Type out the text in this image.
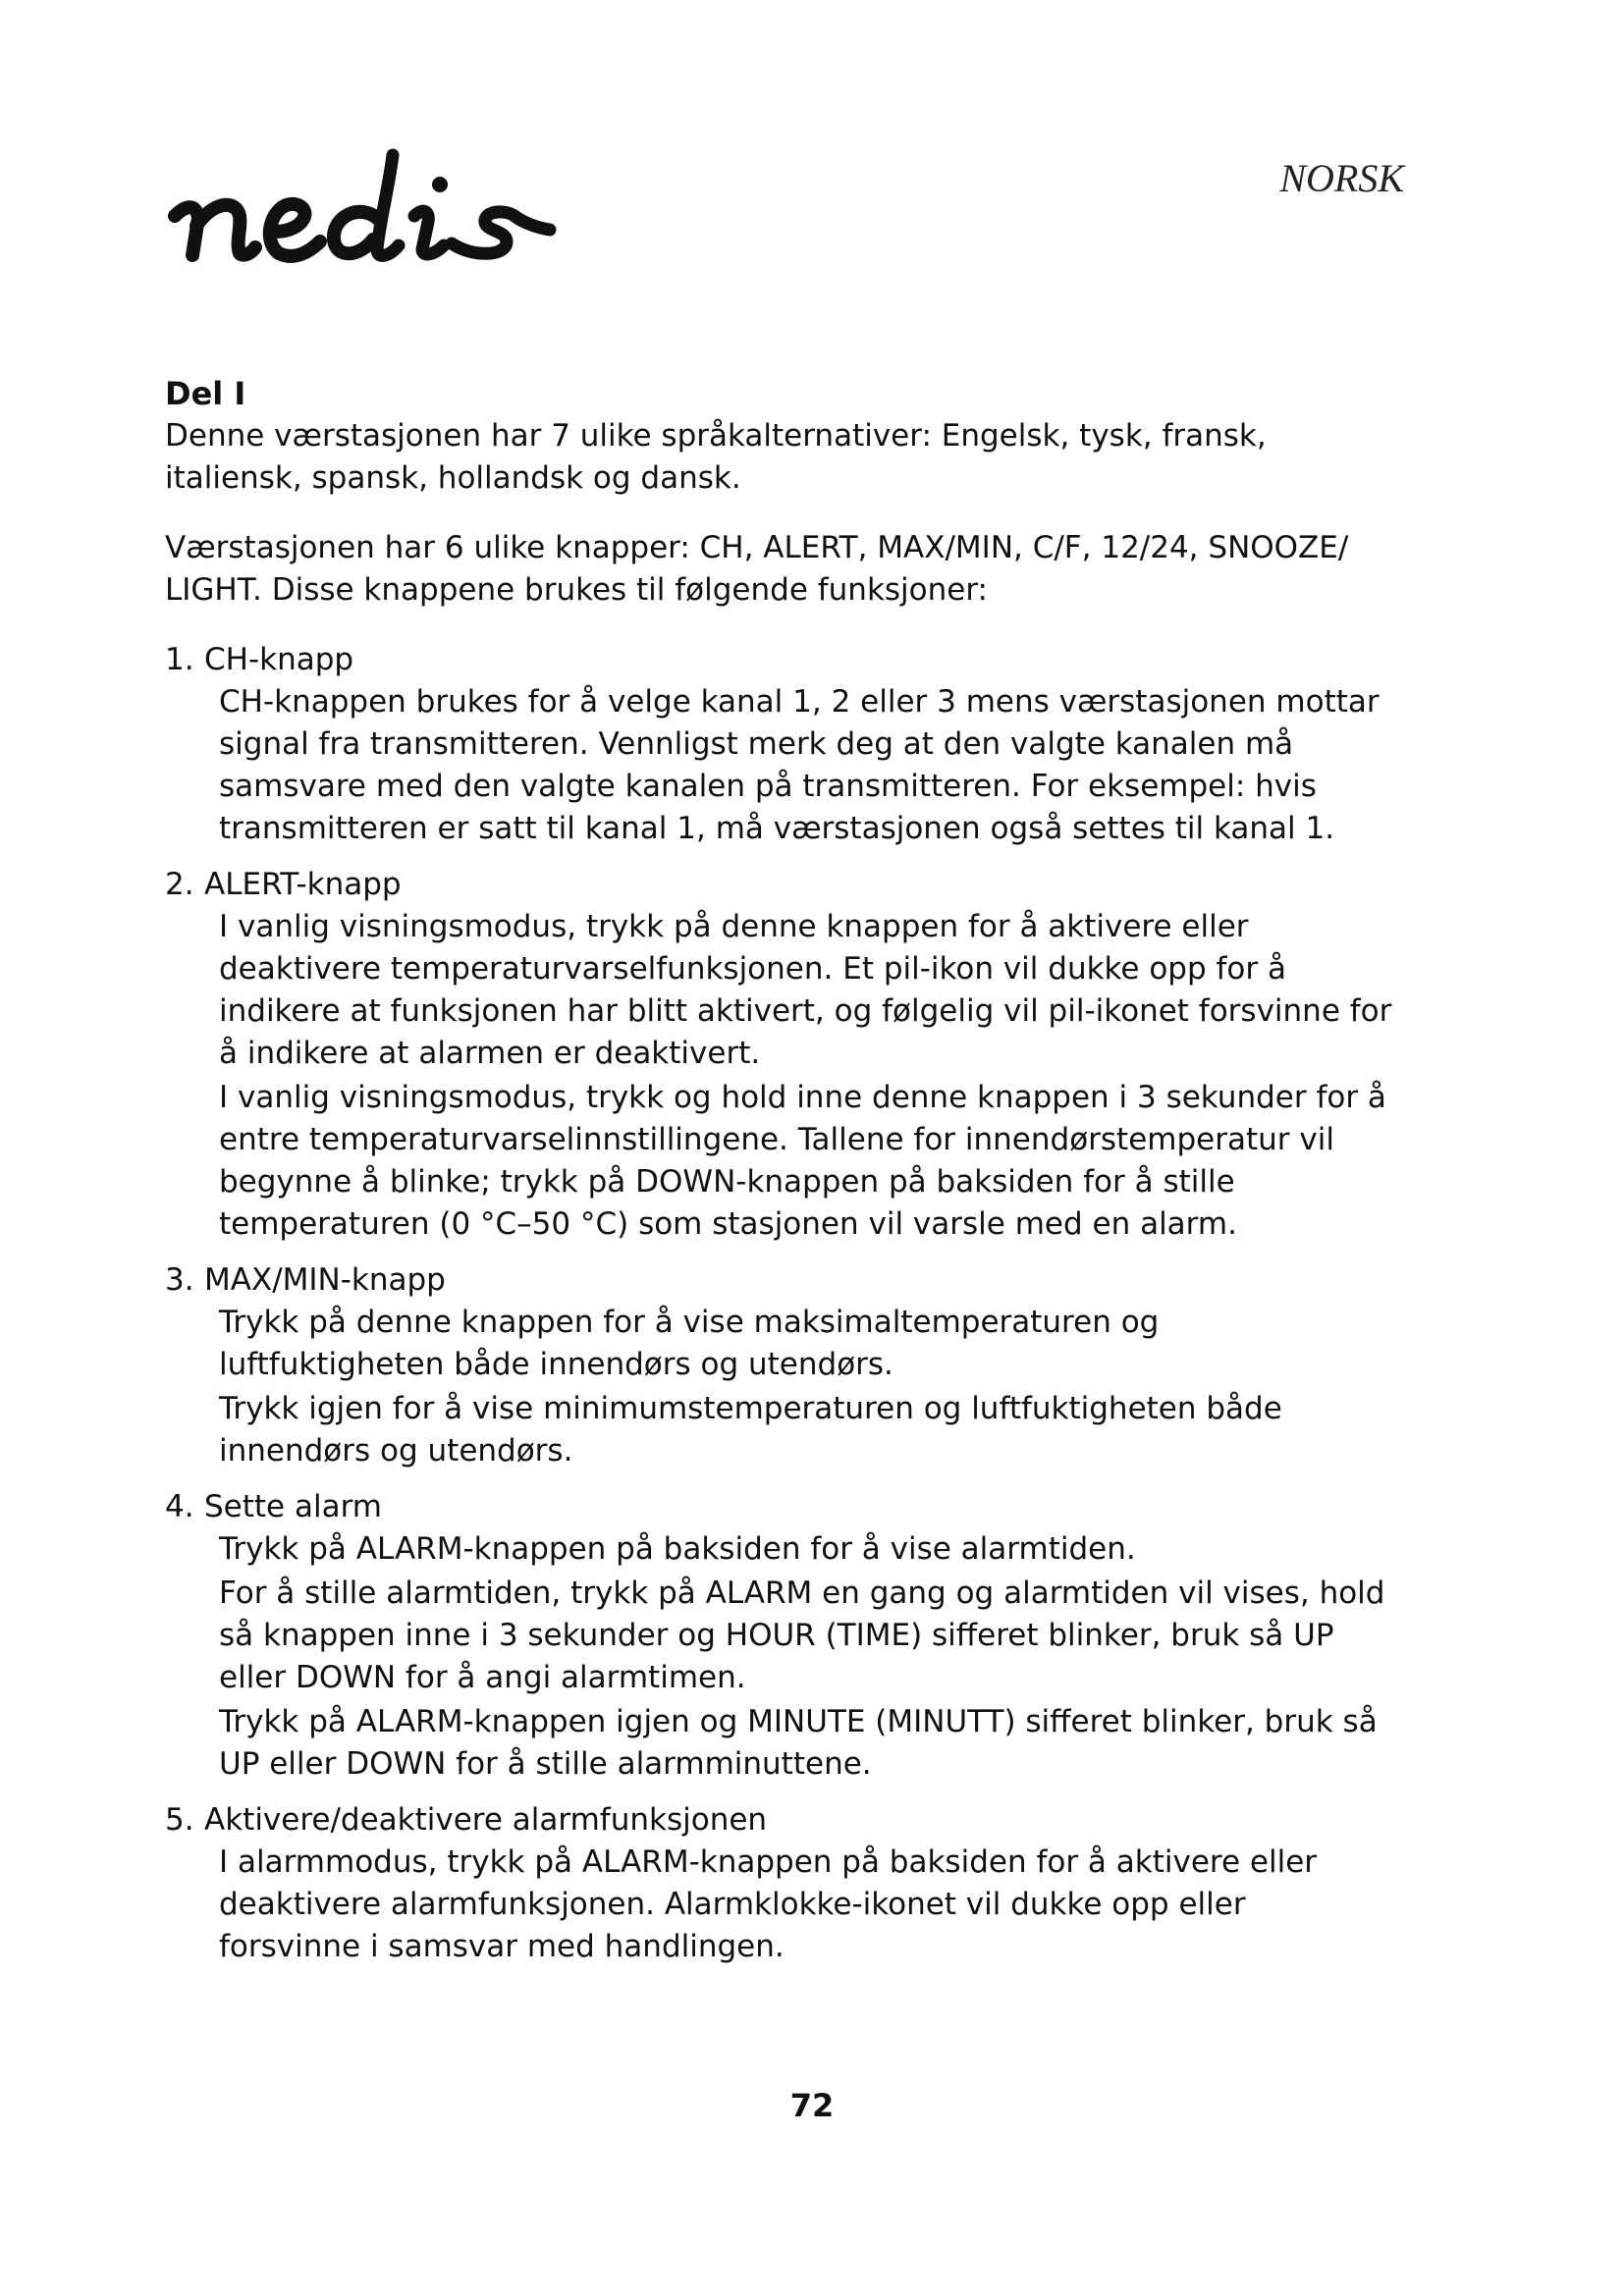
NORSK
Del I

Denne værstasjonen har 7 ulike språkalternativer: Engelsk, tysk, fransk, italiensk, spansk, hollandsk og dansk.

Værstasjonen har 6 ulike knapper: CH, ALERT, MAX/MIN, C/F, 12/24, SNOOZE/ LIGHT. Disse knappene brukes til følgende funksjoner:

1. CH-knapp

CH-knappen brukes for å velge kanal 1, 2 eller 3 mens værstasjonen mottar signal fra transmitteren. Vennligst merk deg at den valgte kanalen må samsvare med den valgte kanalen på transmitteren. For eksempel: hvis transmitteren er satt til kanal 1, må værstasjonen også settes til kanal 1.

2. ALERT-knapp

I vanlig visningsmodus, trykk på denne knappen for å aktivere eller deaktivere temperaturvarselfunksjonen. Et pil-ikon vil dukke opp for å indikere at funksjonen har blitt aktivert, og følgelig vil pil-ikonet forsvinne for å indikere at alarmen er deaktivert.

I vanlig visningsmodus, trykk og hold inne denne knappen i 3 sekunder for å entre temperaturvarselinnstillingene. Tallene for innendørstemperatur vil begynne å blinke; trykk på DOWN-knappen på baksiden for å stille temperaturen (0 °C–50 °C) som stasjonen vil varsle med en alarm.

3. MAX/MIN-knapp

Trykk på denne knappen for å vise maksimaltemperaturen og luftfuktigheten både innendørs og utendørs.

Trykk igjen for å vise minimumstemperaturen og luftfuktigheten både innendørs og utendørs.

4. Sette alarm

Trykk på ALARM-knappen på baksiden for å vise alarmtiden.

For å stille alarmtiden, trykk på ALARM en gang og alarmtiden vil vises, hold så knappen inne i 3 sekunder og HOUR (TIME) sifferet blinker, bruk så UP eller DOWN for å angi alarmtimen.

Trykk på ALARM-knappen igjen og MINUTE (MINUTT) sifferet blinker, bruk så UP eller DOWN for å stille alarmminuttene.

5. Aktivere/deaktivere alarmfunksjonen

I alarmmodus, trykk på ALARM-knappen på baksiden for å aktivere eller deaktivere alarmfunksjonen. Alarmklokke-ikonet vil dukke opp eller forsvinne i samsvar med handlingen.

72
